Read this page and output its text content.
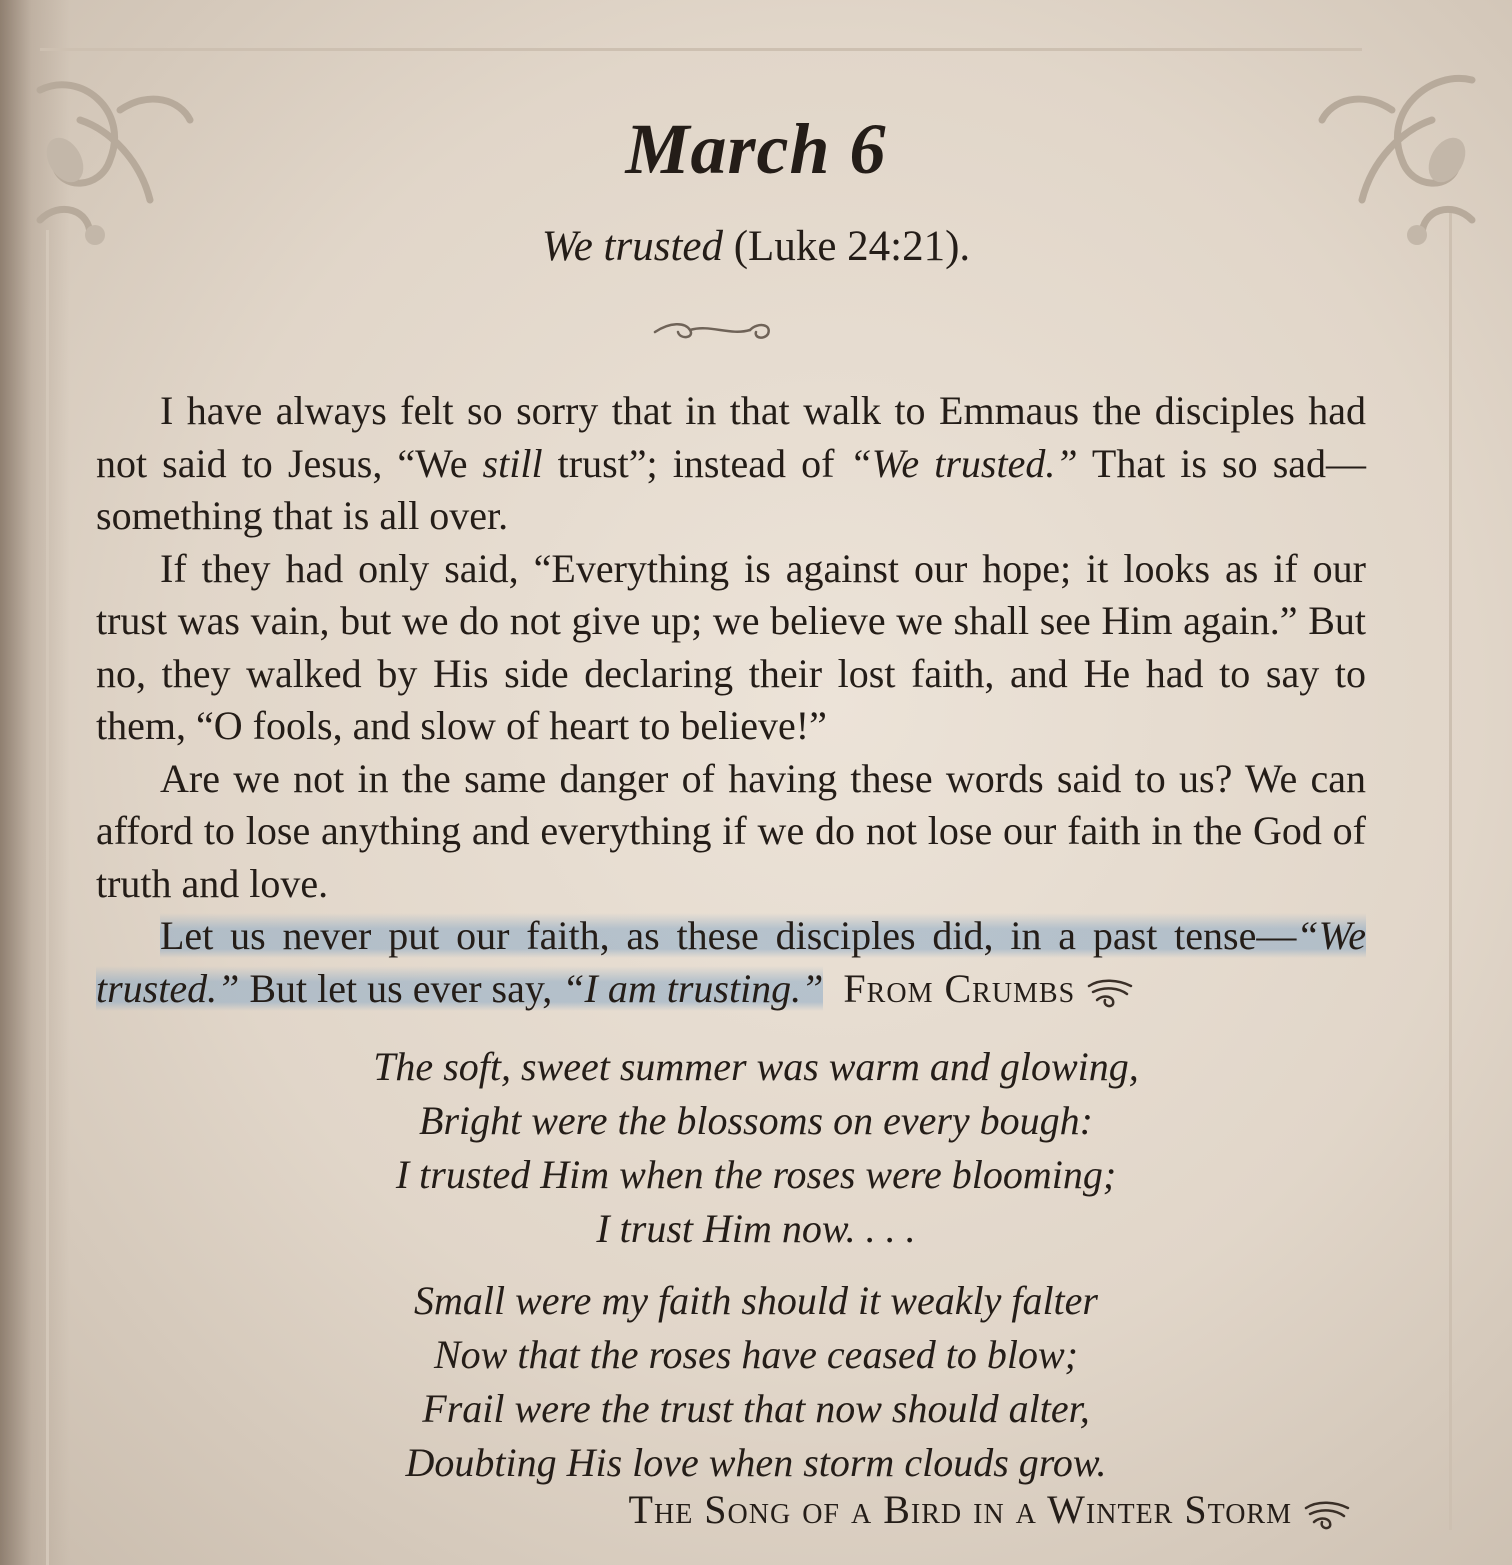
March 6
We trusted (Luke 24:21).

I have always felt so sorry that in that walk to Emmaus the disciples had not said to Jesus, “We still trust”; instead of “We trusted.” That is so sad—something that is all over.

If they had only said, “Everything is against our hope; it looks as if our trust was vain, but we do not give up; we believe we shall see Him again.” But no, they walked by His side declaring their lost faith, and He had to say to them, “O fools, and slow of heart to believe!”

Are we not in the same danger of having these words said to us? We can afford to lose anything and everything if we do not lose our faith in the God of truth and love.

Let us never put our faith, as these disciples did, in a past tense—“We trusted.” But let us ever say, “I am trusting.” From Crumbs

The soft, sweet summer was warm and glowing,
Bright were the blossoms on every bough:
I trusted Him when the roses were blooming;
I trust Him now. . . .
Small were my faith should it weakly falter
Now that the roses have ceased to blow;
Frail were the trust that now should alter,
Doubting His love when storm clouds grow.
The Song of a Bird in a Winter Storm
